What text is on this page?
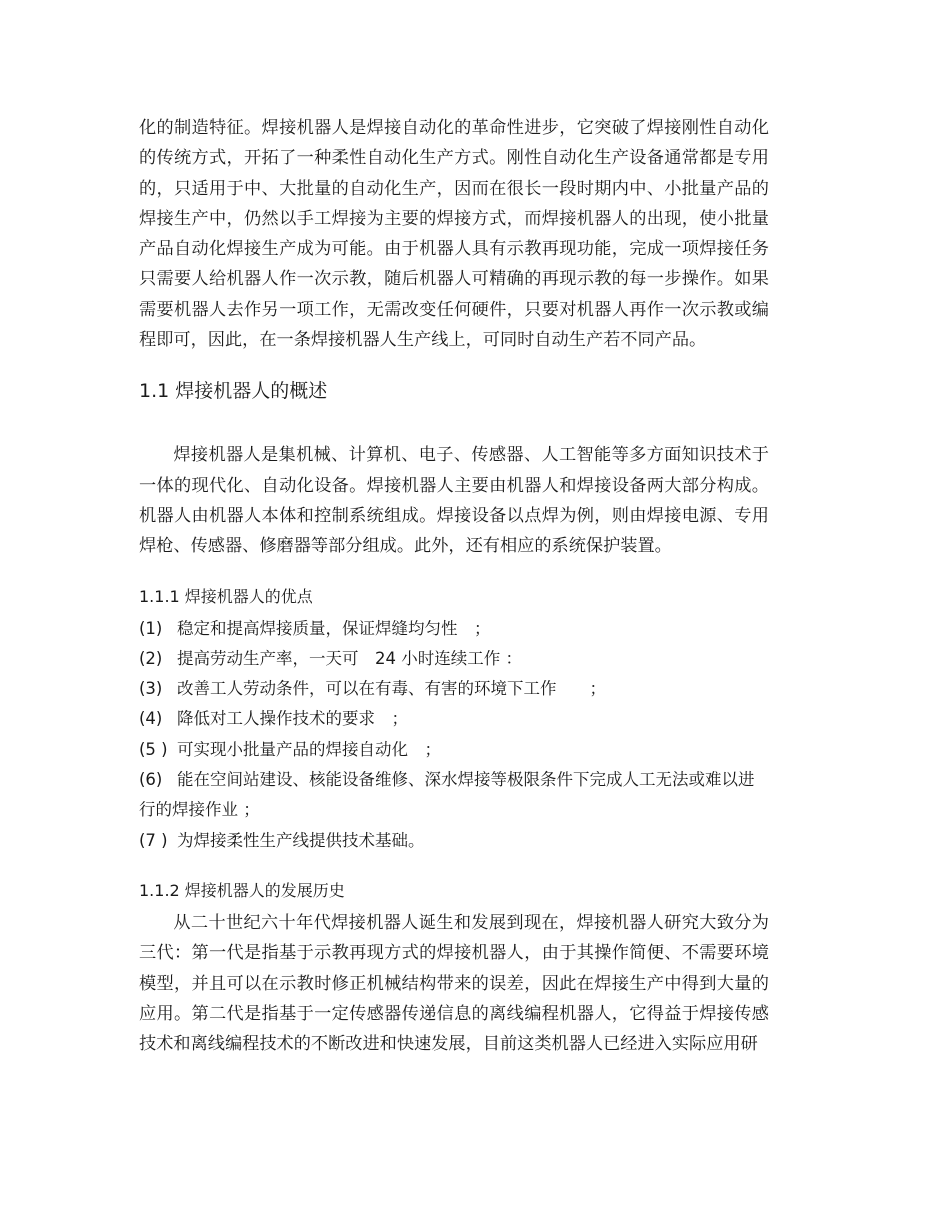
化的制造特征。焊接机器人是焊接自动化的革命性进步，它突破了焊接刚性自动化的传统方式，开拓了一种柔性自动化生产方式。刚性自动化生产设备通常都是专用的，只适用于中、大批量的自动化生产，因而在很长一段时期内中、小批量产品的焊接生产中，仍然以手工焊接为主要的焊接方式，而焊接机器人的出现，使小批量产品自动化焊接生产成为可能。由于机器人具有示教再现功能，完成一项焊接任务只需要人给机器人作一次示教，随后机器人可精确的再现示教的每一步操作。如果需要机器人去作另一项工作，无需改变任何硬件，只要对机器人再作一次示教或编程即可，因此，在一条焊接机器人生产线上，可同时自动生产若不同产品。

1.1 焊接机器人的概述

焊接机器人是集机械、计算机、电子、传感器、人工智能等多方面知识技术于一体的现代化、自动化设备。焊接机器人主要由机器人和焊接设备两大部分构成。机器人由机器人本体和控制系统组成。焊接设备以点焊为例，则由焊接电源、专用焊枪、传感器、修磨器等部分组成。此外，还有相应的系统保护装置。

1.1.1 焊接机器人的优点
(1) 稳定和提高焊接质量，保证焊缝均匀性　；
(2) 提高劳动生产率，一天可　24 小时连续工作 ：
(3) 改善工人劳动条件，可以在有毒、有害的环境下工作　　；
(4) 降低对工人操作技术的要求　；
(5 ) 可实现小批量产品的焊接自动化　；
(6) 能在空间站建设、核能设备维修、深水焊接等极限条件下完成人工无法或难以进行的焊接作业 ；
(7 ) 为焊接柔性生产线提供技术基础。
1.1.2 焊接机器人的发展历史

从二十世纪六十年代焊接机器人诞生和发展到现在，焊接机器人研究大致分为三代：第一代是指基于示教再现方式的焊接机器人，由于其操作简便、不需要环境模型，并且可以在示教时修正机械结构带来的误差，因此在焊接生产中得到大量的应用。第二代是指基于一定传感器传递信息的离线编程机器人，它得益于焊接传感技术和离线编程技术的不断改进和快速发展，目前这类机器人已经进入实际应用研
